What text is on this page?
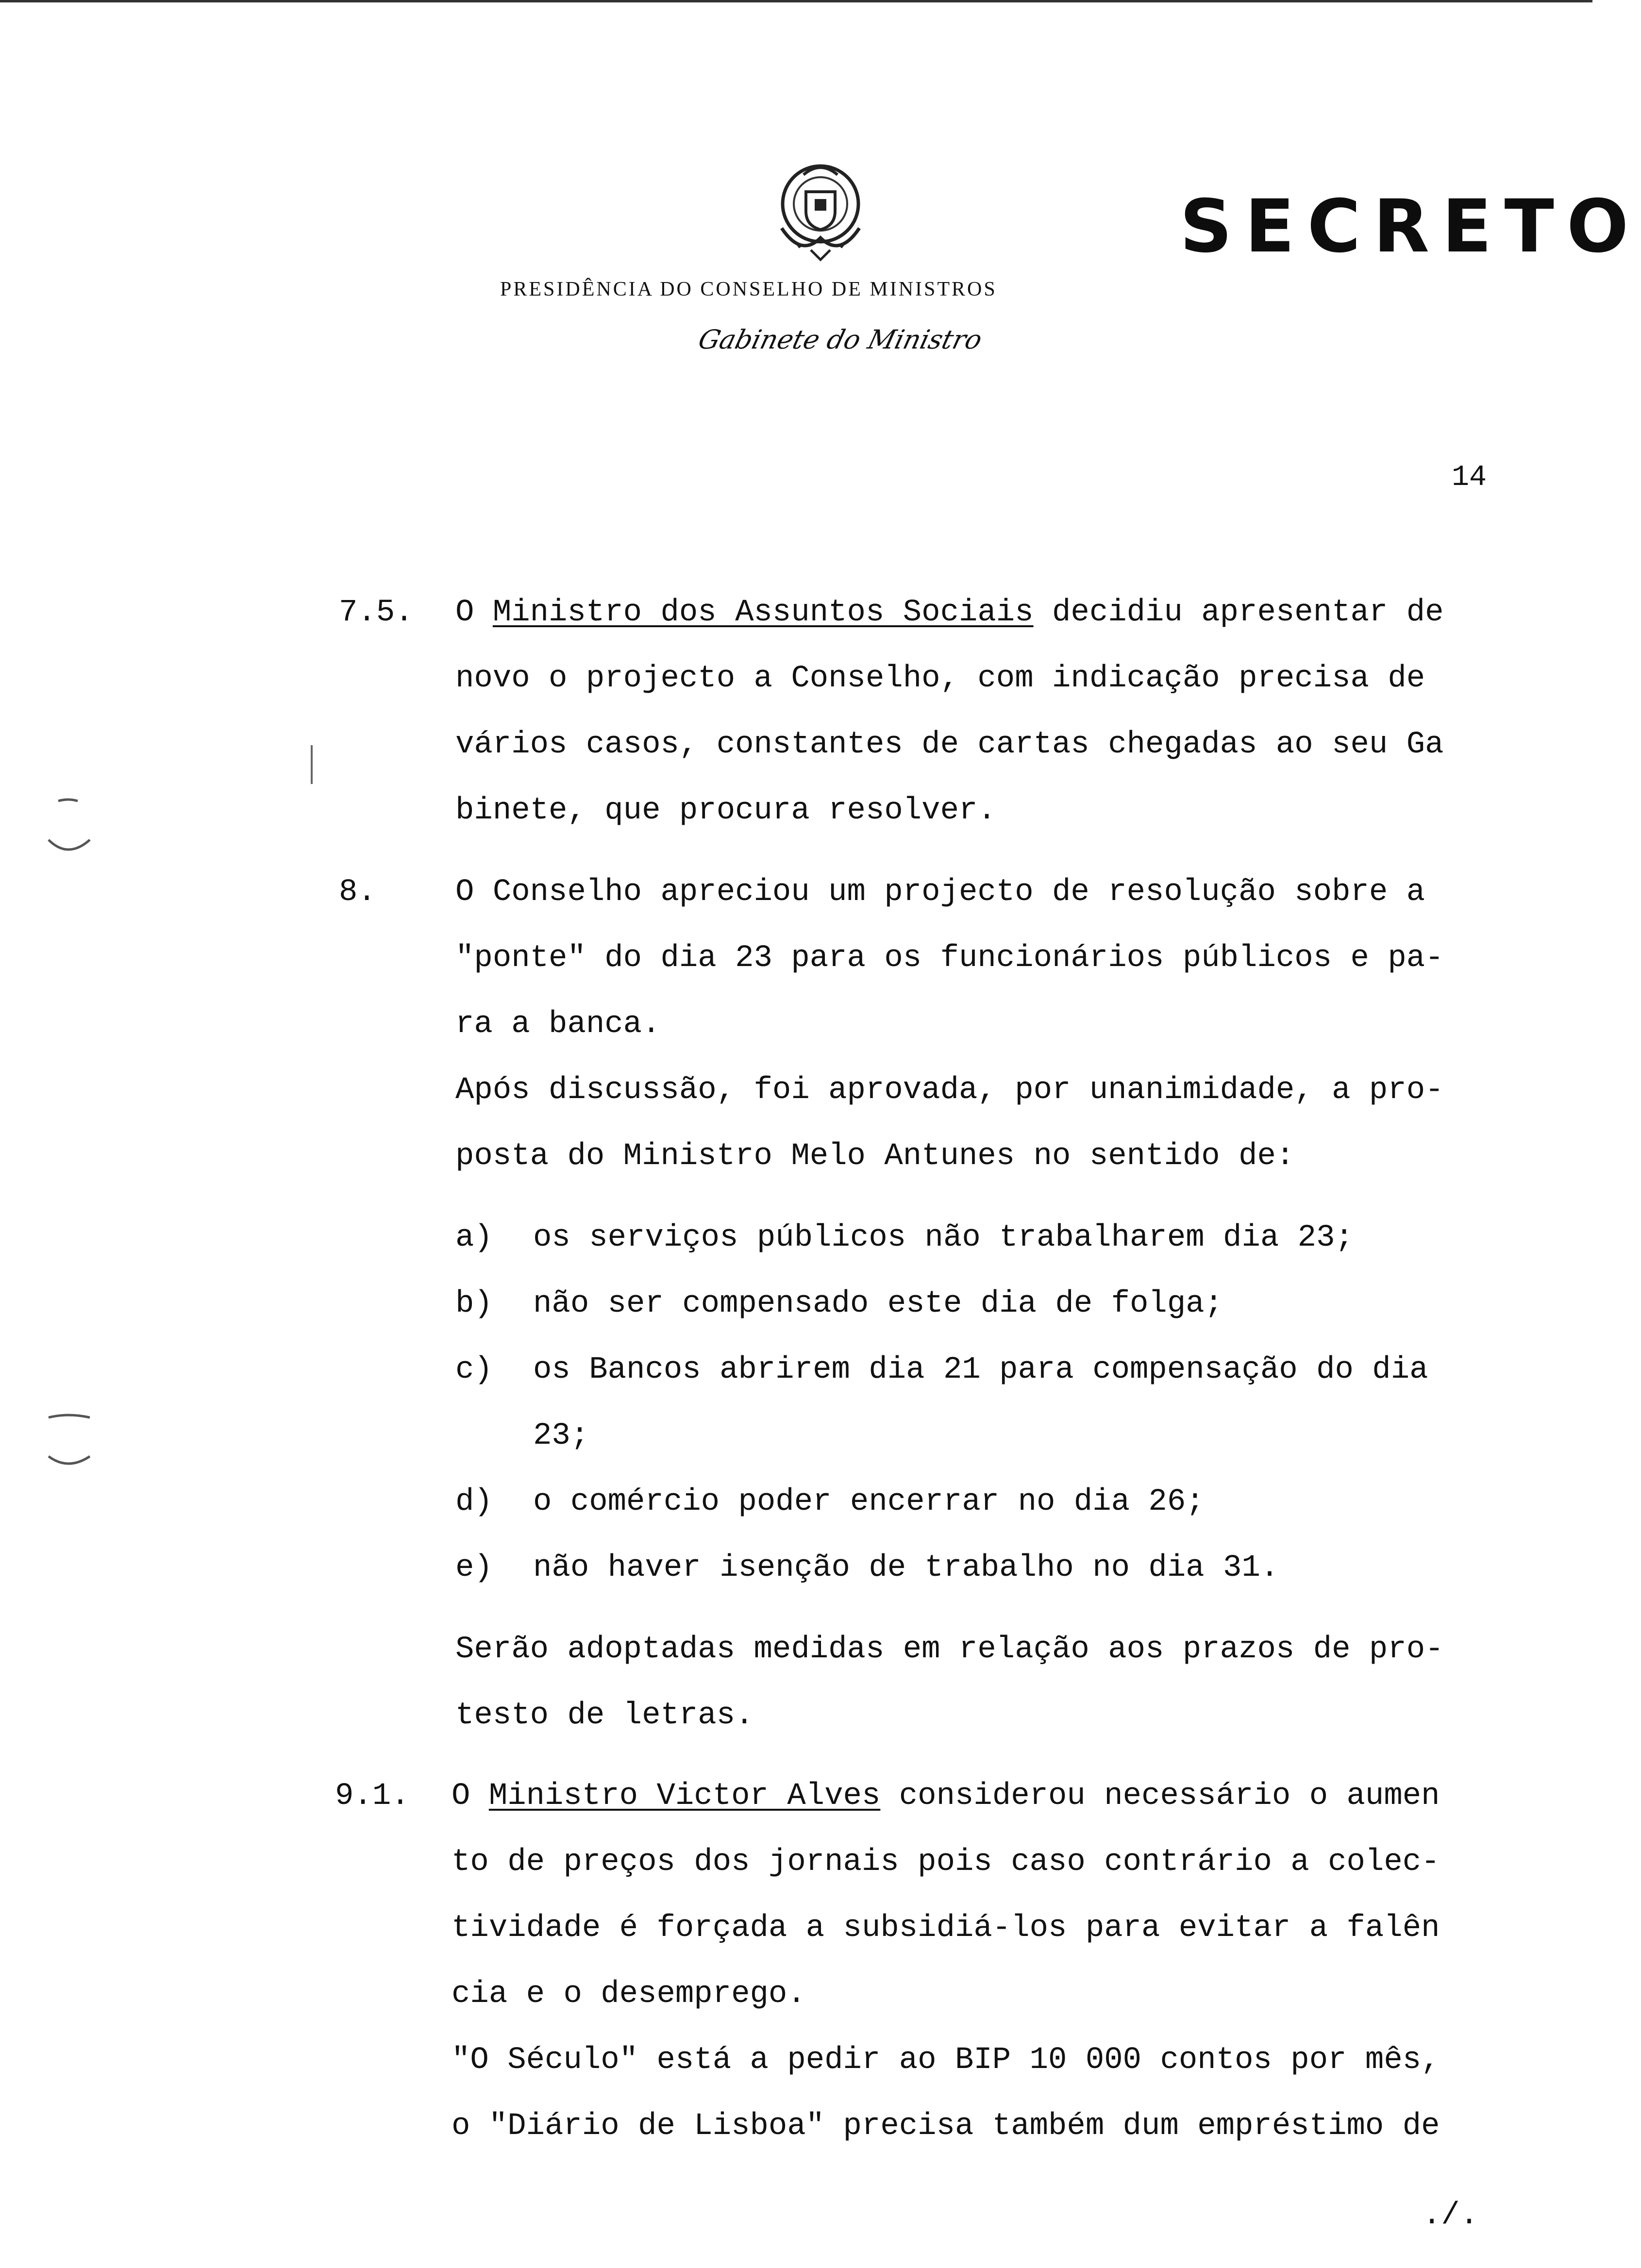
PRESIDÊNCIA DO CONSELHO DE MINISTROS
Gabinete do Ministro
SECRETO
14
7.5. O Ministro dos Assuntos Sociais decidiu apresentar de
novo o projecto a Conselho, com indicação precisa de
vários casos, constantes de cartas chegadas ao seu Ga
binete, que procura resolver.
8.	O Conselho apreciou um projecto de resolução sobre a
"ponte" do dia 23 para os funcionários públicos e pa-
ra a banca.
Após discussão, foi aprovada, por unanimidade, a pro-
posta do Ministro Melo Antunes no sentido de:
a) os serviços públicos não trabalharem dia 23;
b) não ser compensado este dia de folga;
c) os Bancos abrirem dia 21 para compensação do dia
23;
d) o comércio poder encerrar no dia 26;
e) não haver isenção de trabalho no dia 31.
Serão adoptadas medidas em relação aos prazos de pro-
testo de letras.
9.1. O Ministro Victor Alves considerou necessário o aumen
to de preços dos jornais pois caso contrário a colec-
tividade é forçada a subsidiá-los para evitar a falên
cia e o desemprego.
"O Século" está a pedir ao BIP 10 000 contos por mês,
o "Diário de Lisboa" precisa também dum empréstimo de
./.
